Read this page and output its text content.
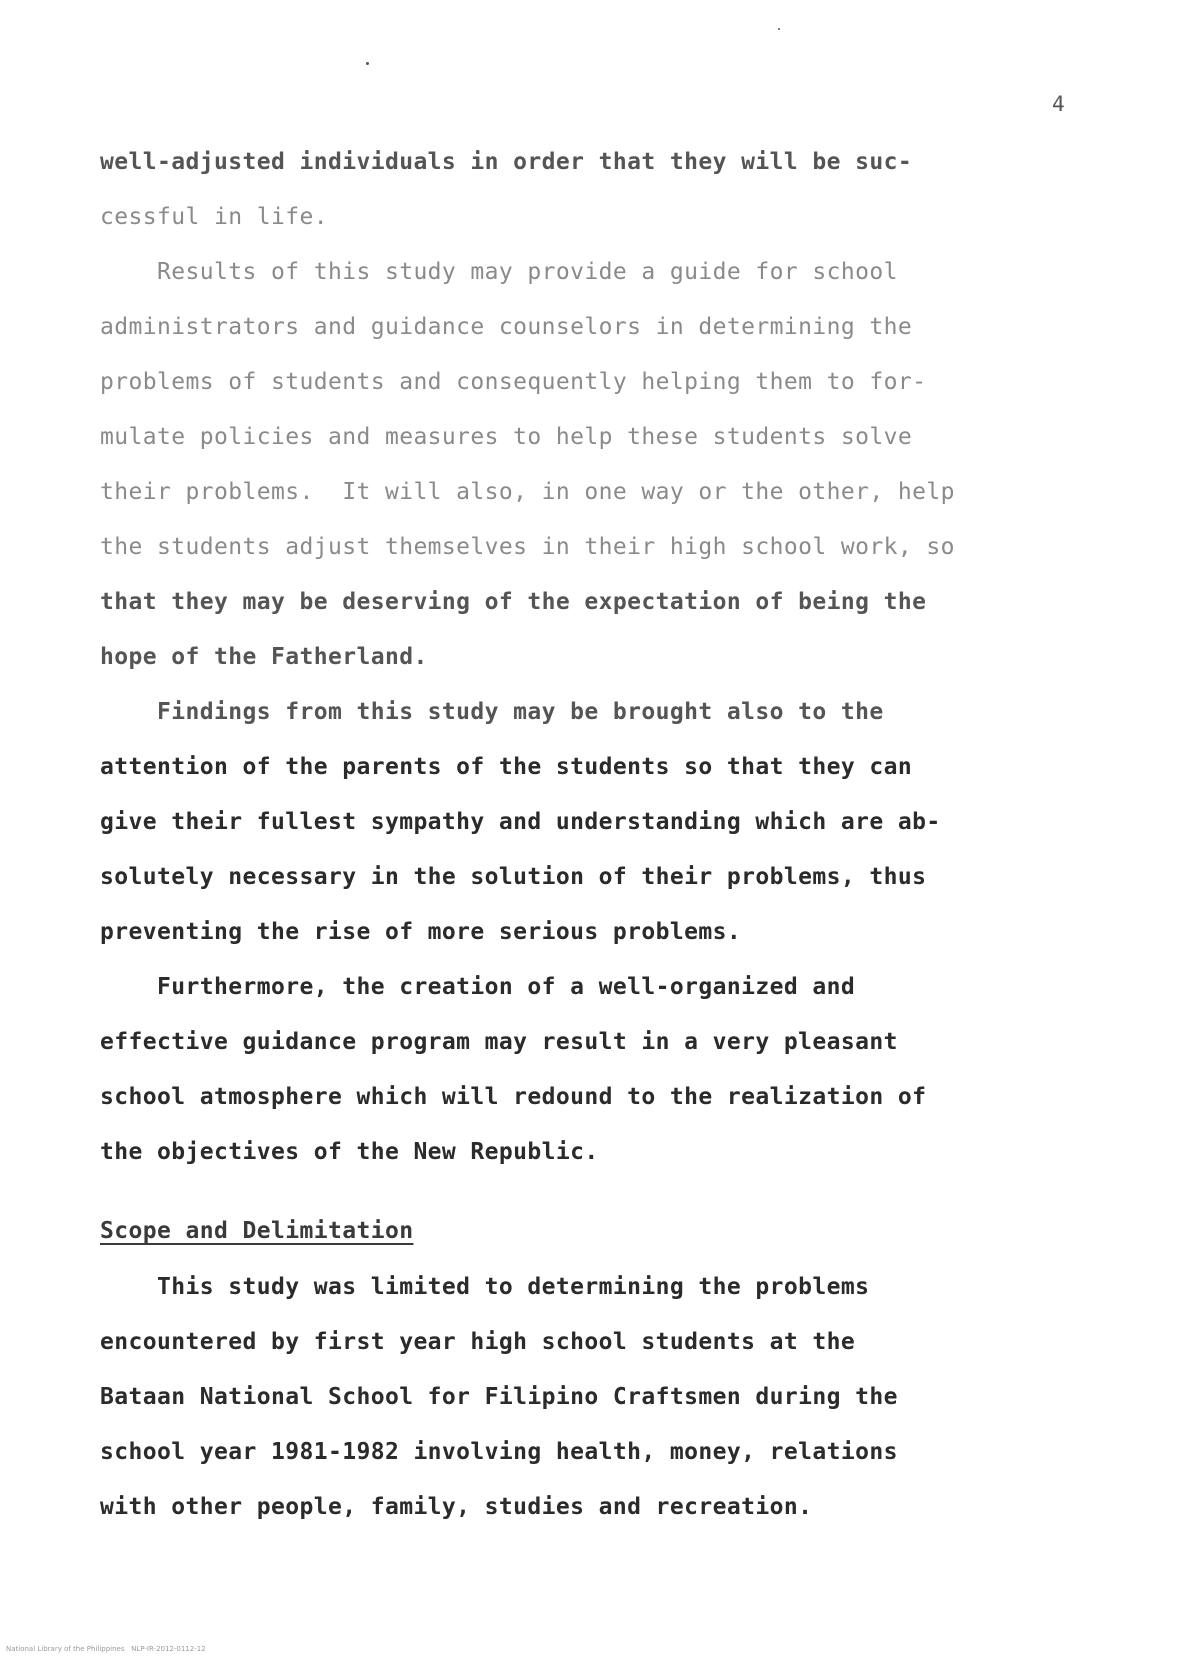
4
well-adjusted individuals in order that they will be suc-
cessful in life.
Results of this study may provide a guide for school
administrators and guidance counselors in determining the
problems of students and consequently helping them to for-
mulate policies and measures to help these students solve
their problems.  It will also, in one way or the other, help
the students adjust themselves in their high school work, so
that they may be deserving of the expectation of being the
hope of the Fatherland.
Findings from this study may be brought also to the
attention of the parents of the students so that they can
give their fullest sympathy and understanding which are ab-
solutely necessary in the solution of their problems, thus
preventing the rise of more serious problems.
Furthermore, the creation of a well-organized and
effective guidance program may result in a very pleasant
school atmosphere which will redound to the realization of
the objectives of the New Republic.
Scope and Delimitation
This study was limited to determining the problems
encountered by first year high school students at the
Bataan National School for Filipino Craftsmen during the
school year 1981-1982 involving health, money, relations
with other people, family, studies and recreation.
National Library of the Philippines   NLP-IR-2012-0112-12
